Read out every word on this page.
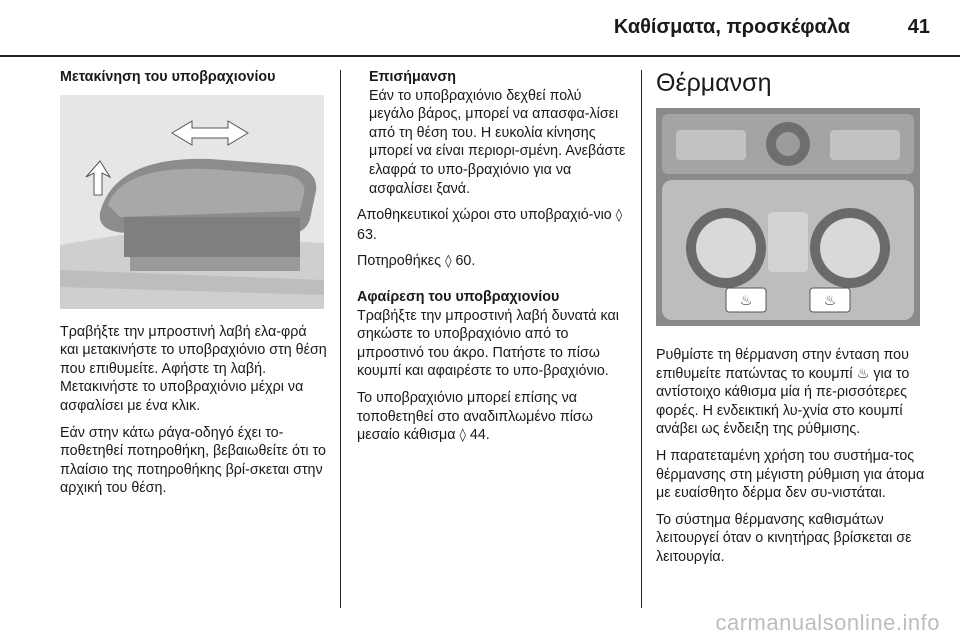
Καθίσματα, προσκέφαλα	41

Μετακίνηση του υποβραχιονίου

Τραβήξτε την μπροστινή λαβή ελα-φρά και μετακινήστε το υποβραχιόνιο στη θέση που επιθυμείτε. Αφήστε τη λαβή. Μετακινήστε το υποβραχιόνιο μέχρι να ασφαλίσει με ένα κλικ.

Εάν στην κάτω ράγα-οδηγό έχει το-ποθετηθεί ποτηροθήκη, βεβαιωθείτε ότι το πλαίσιο της ποτηροθήκης βρί-σκεται στην αρχική του θέση.

Επισήμανση
Εάν το υποβραχιόνιο δεχθεί πολύ μεγάλο βάρος, μπορεί να απασφα-λίσει από τη θέση του. Η ευκολία κίνησης μπορεί να είναι περιορι-σμένη. Ανεβάστε ελαφρά το υπο-βραχιόνιο για να ασφαλίσει ξανά.

Αποθηκευτικοί χώροι στο υποβραχιό-νιο ◊ 63.

Ποτηροθήκες ◊ 60.

Αφαίρεση του υποβραχιονίου

Τραβήξτε την μπροστινή λαβή δυνατά και σηκώστε το υποβραχιόνιο από το μπροστινό του άκρο. Πατήστε το πίσω κουμπί και αφαιρέστε το υπο-βραχιόνιο.

Το υποβραχιόνιο μπορεί επίσης να τοποθετηθεί στο αναδιπλωμένο πίσω μεσαίο κάθισμα ◊ 44.

Θέρμανση
♨	♨

Ρυθμίστε τη θέρμανση στην ένταση που επιθυμείτε πατώντας το κουμπί ♨ για το αντίστοιχο κάθισμα μία ή πε-ρισσότερες φορές. Η ενδεικτική λυ-χνία στο κουμπί ανάβει ως ένδειξη της ρύθμισης.

Η παρατεταμένη χρήση του συστήμα-τος θέρμανσης στη μέγιστη ρύθμιση για άτομα με ευαίσθητο δέρμα δεν συ-νιστάται.

Το σύστημα θέρμανσης καθισμάτων λειτουργεί όταν ο κινητήρας βρίσκεται σε λειτουργία.

carmanualsonline.info
